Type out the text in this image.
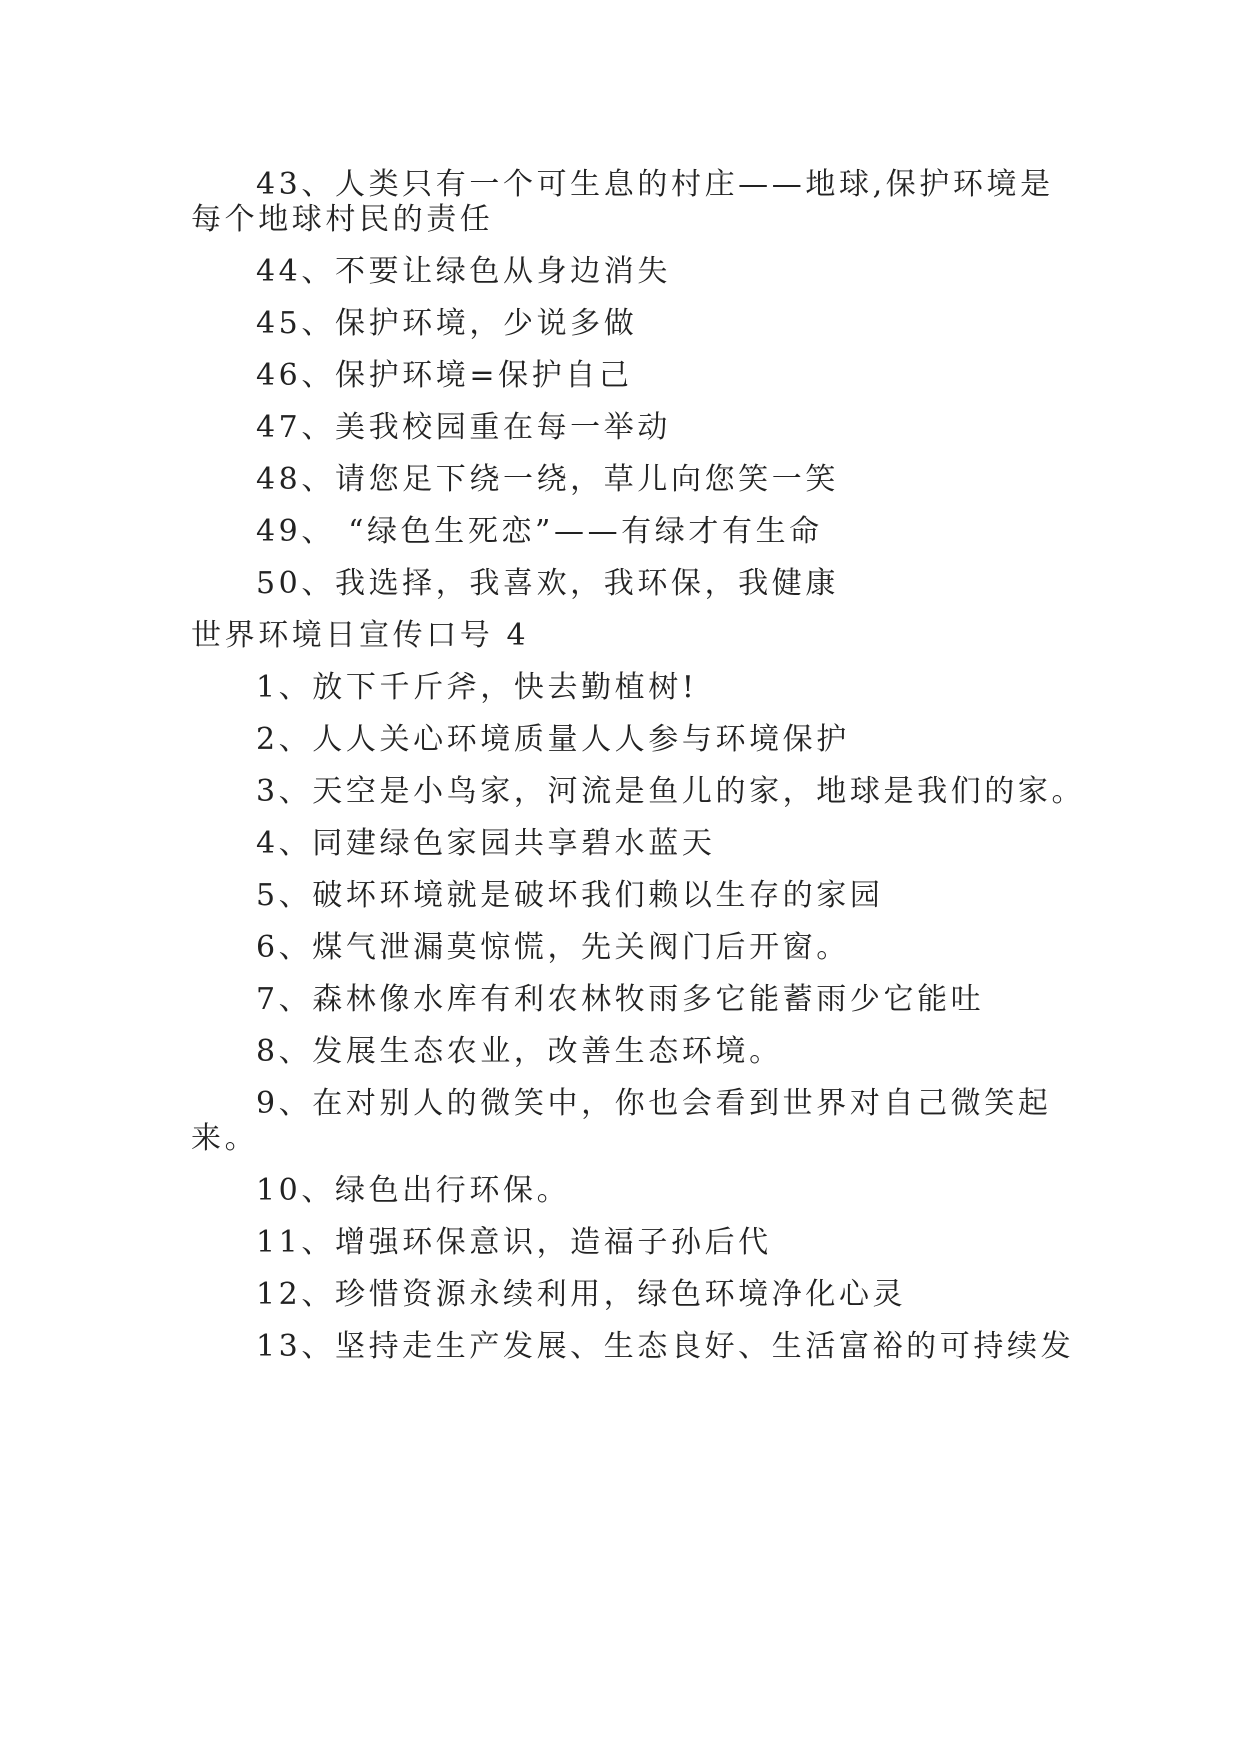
43、人类只有一个可生息的村庄——地球,保护环境是
每个地球村民的责任
44、不要让绿色从身边消失
45、保护环境，少说多做
46、保护环境=保护自己
47、美我校园重在每一举动
48、请您足下绕一绕，草儿向您笑一笑
49、 “绿色生死恋”——有绿才有生命
50、我选择，我喜欢，我环保，我健康
世界环境日宣传口号 4
1、放下千斤斧，快去勤植树!
2、人人关心环境质量人人参与环境保护
3、天空是小鸟家，河流是鱼儿的家，地球是我们的家。
4、同建绿色家园共享碧水蓝天
5、破坏环境就是破坏我们赖以生存的家园
6、煤气泄漏莫惊慌，先关阀门后开窗。
7、森林像水库有利农林牧雨多它能蓄雨少它能吐
8、发展生态农业，改善生态环境。
9、在对别人的微笑中，你也会看到世界对自己微笑起
来。
10、绿色出行环保。
11、增强环保意识，造福子孙后代
12、珍惜资源永续利用，绿色环境净化心灵
13、坚持走生产发展、生态良好、生活富裕的可持续发
